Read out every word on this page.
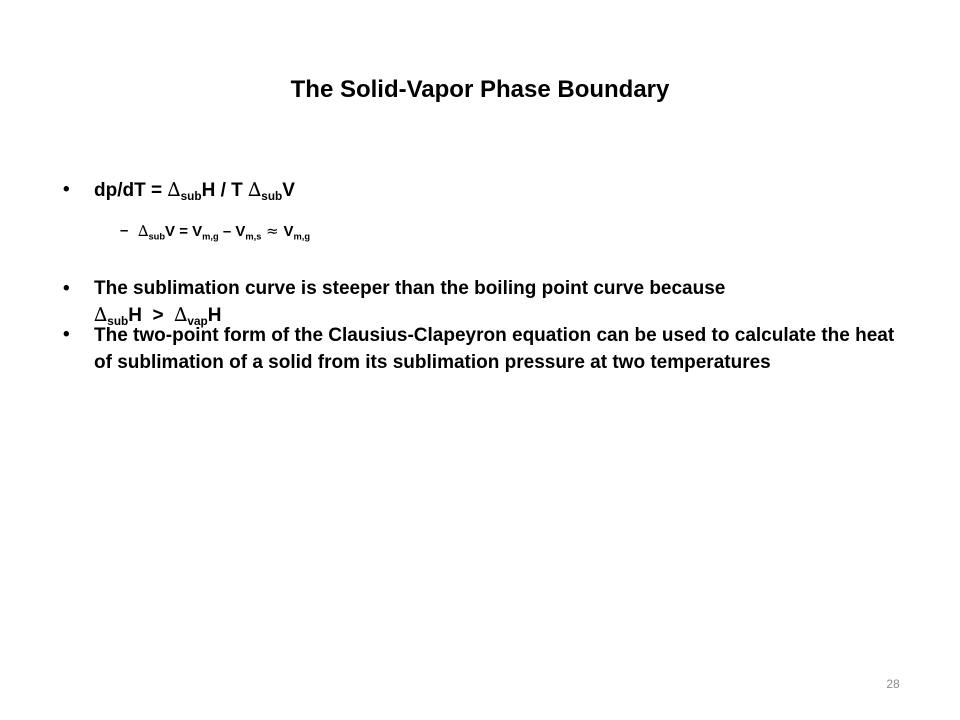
The Solid-Vapor Phase Boundary
•	$dp/dT = \Delta_{sub}H / T$ $\Delta_{sub}V$
– $\Delta_{sub}V = V_{m,g} - V_{m,s} \approx V_{m,g}$
•	The sublimation curve is steeper than the boiling point curve because
$\Delta_{sub}H > \Delta_{vap}H$
•	The two-point form of the Clausius-Clapeyron equation can be used to calculate the heat of sublimation of a solid from its sublimation pressure at two temperatures
28
